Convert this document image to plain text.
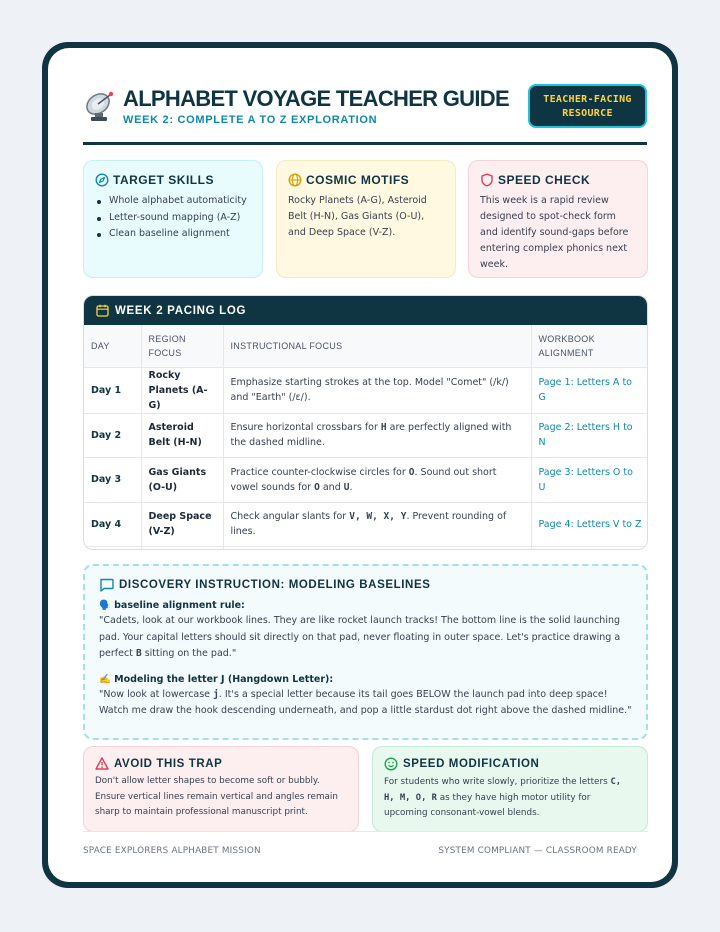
ALPHABET VOYAGE TEACHER GUIDE
WEEK 2: COMPLETE A TO Z EXPLORATION
TEACHER-FACING
RESOURCE
TARGET SKILLS
Whole alphabet automaticity
Letter-sound mapping (A-Z)
Clean baseline alignment
COSMIC MOTIFS

Rocky Planets (A-G), Asteroid Belt (H-N), Gas Giants (O-U), and Deep Space (V-Z).

SPEED CHECK

This week is a rapid review designed to spot-check form and identify sound-gaps before entering complex phonics next week.

WEEK 2 PACING LOG
DAY	REGION FOCUS	INSTRUCTIONAL FOCUS	WORKBOOK ALIGNMENT
Day 1	Rocky Planets (A-G)	Emphasize starting strokes at the top. Model "Comet" (/k/) and "Earth" (/ɛ/).	Page 1: Letters A to G
Day 2	Asteroid Belt (H-N)	Ensure horizontal crossbars for H are perfectly aligned with the dashed midline.	Page 2: Letters H to N
Day 3	Gas Giants (O-U)	Practice counter-clockwise circles for O. Sound out short vowel sounds for O and U.	Page 3: Letters O to U
Day 4	Deep Space (V-Z)	Check angular slants for V, W, X, Y. Prevent rounding of lines.	Page 4: Letters V to Z

DISCOVERY INSTRUCTION: MODELING BASELINES
🗣️ baseline alignment rule:
"Cadets, look at our workbook lines. They are like rocket launch tracks! The bottom line is the solid launching pad. Your capital letters should sit directly on that pad, never floating in outer space. Let's practice drawing a perfect B sitting on the pad."
✍️ Modeling the letter J (Hangdown Letter):
"Now look at lowercase j. It's a special letter because its tail goes BELOW the launch pad into deep space! Watch me draw the hook descending underneath, and pop a little stardust dot right above the dashed midline."
AVOID THIS TRAP

Don't allow letter shapes to become soft or bubbly. Ensure vertical lines remain vertical and angles remain sharp to maintain professional manuscript print.

SPEED MODIFICATION

For students who write slowly, prioritize the letters C, H, M, O, R as they have high motor utility for upcoming consonant-vowel blends.

SPACE EXPLORERS ALPHABET MISSION	SYSTEM COMPLIANT — CLASSROOM READY
